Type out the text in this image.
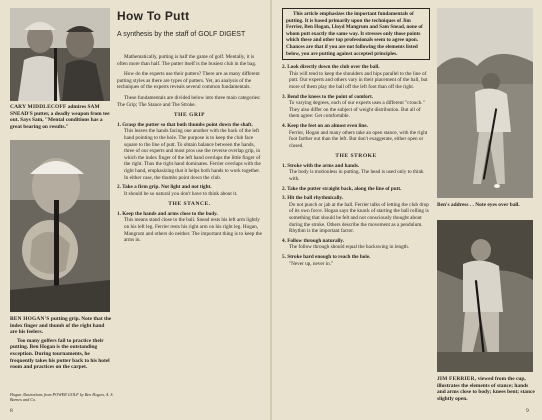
CARY MIDDLECOFF admires SAM SNEAD'S putter, a deadly weapon from tee out. Says Sam, "Mental conditions has a great bearing on results."
BEN HOGAN'S putting grip. Note that the index finger and thumb of the right hand are his feelers.
Too many golfers fail to practice their putting. Ben Hogan is the outstanding exception. During tournaments, he frequently takes his putter back to his hotel room and practices on the carpet.
Hogan illustrations from POWER GOLF by Ben Hogan, A. S. Barnes and Co.
How To Putt
A synthesis by the staff of GOLF DIGEST

Mathematically, putting is half the game of golf. Mentally, it is often more than half. The putter itself is the busiest club in the bag.

How do the experts use their putters? There are as many different putting styles as there are types of putters. Yet, an analysis of the techniques of the experts reveals several common fundamentals.

These fundamentals are divided below into three main categories: The Grip; The Stance and The Stroke.

THE GRIP
1. Grasp the putter so that both thumbs point down the shaft.
This leaves the hands facing one another with the back of the left hand pointing to the hole. The purpose is to keep the club face square to the line of putt. To obtain balance between the hands, three of our experts and most pros use the reverse overlap grip, in which the index finger of the left hand overlaps the little finger of the right. Thus the right hand dominates. Ferrier overlaps with the right hand, emphasizing that it helps both hands to work together. In either case, the thumbs point down the club.
2. Take a firm grip. Not light and not tight.
It should be so natural you don't have to think about it.
THE STANCE.
1. Keep the hands and arms close to the body.
This means stand close to the ball. Snead rests his left arm lightly on his left leg. Ferrier rests his right arm on his right leg. Hogan, Mangrum and others do neither. The important thing is to keep the arms in.

This article emphasizes the important fundamentals of putting. It is based primarily upon the techniques of Jim Ferrier, Ben Hogan, Lloyd Mangrum and Sam Snead, none of whom putt exactly the same way. It stresses only those points which these and other top professionals seem to agree upon. Chances are that if you are not following the elements listed below, you are putting against accepted principles.

2. Look directly down the club over the ball.
This will tend to keep the shoulders and hips parallel to the line of putt. Our experts and others vary in their placement of the ball, but more of them play the ball off the left foot than off the right.
3. Bend the knees to the point of comfort.
To varying degrees, each of our experts uses a different "crouch." They also differ on the subject of weight distribution. But all of them agree: Get comfortable.
4. Keep the feet on an almost even line.
Ferrier, Hogan and many others take an open stance, with the right foot farther out than the left. But don't exaggerate, either open or closed.
THE STROKE
1. Stroke with the arms and hands.
The body is motionless in putting. The head is used only to think with.
2. Take the putter straight back, along the line of putt.
3. Hit the ball rhythmically.
Do not punch or jab at the ball. Ferrier talks of letting the club drop of its own force. Hogan says the knack of starting the ball rolling is something that should be felt and not consciously thought about during the stroke. Others describe the movement as a pendulum. Rhythm is the important factor.
4. Follow through naturally.
The follow through should equal the backswing in length.
5. Stroke hard enough to reach the hole.
"Never up, never in."
Ben's address . . Note eyes over ball.
JIM FERRIER, viewed from the cup, illustrates the elements of stance; hands and arms close to body; knees bent; stance slightly open.
8	9
